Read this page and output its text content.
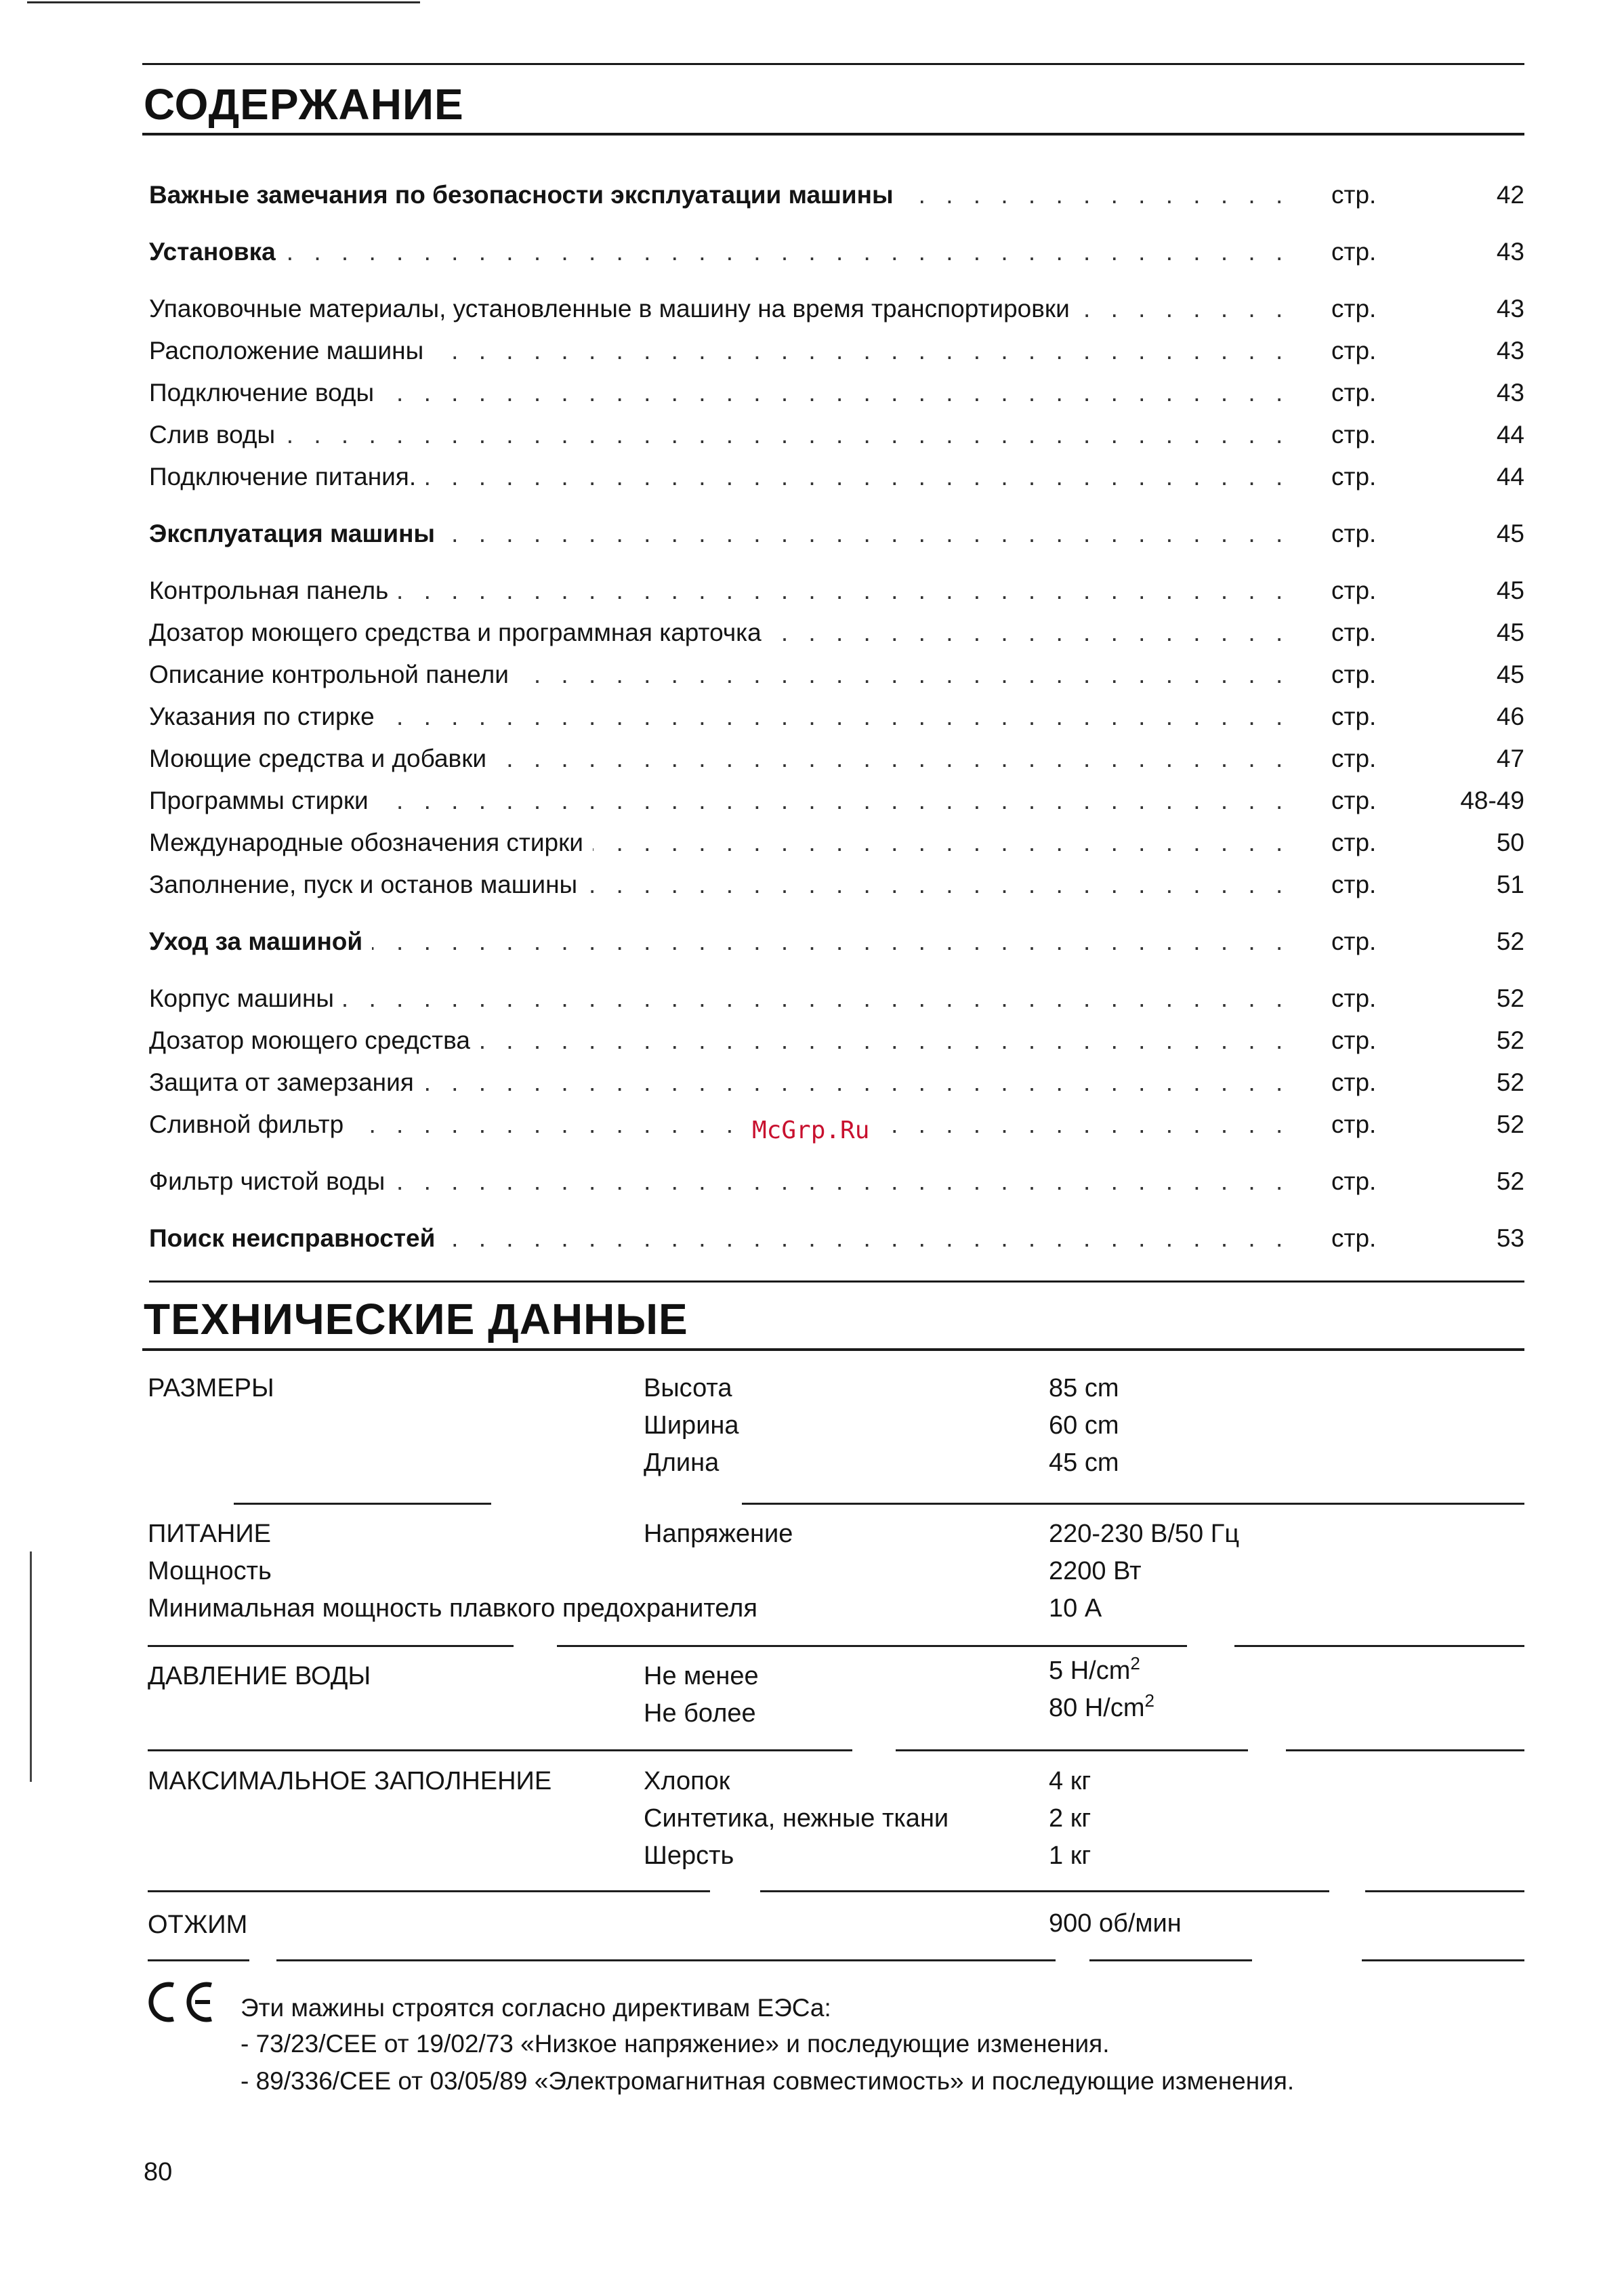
СОДЕРЖАНИЕ
. . .
Важные замечания по безопасности эксплуатации машины	стр.	42
. . .
Установка	стр.	43
. . .
Упаковочные материалы, установленные в машину на время транспортировки	стр.	43
. . .
Расположение машины	стр.	43
. . .
Подключение воды	стр.	43
. . .
Слив воды	стр.	44
. . .
Подключение питания.	стр.	44
. . .
Эксплуатация машины	стр.	45
. . .
Контрольная панель	стр.	45
. . .
Дозатор моющего средства и программная карточка	стр.	45
. . .
Описание контрольной панели	стр.	45
. . .
Указания по стирке	стр.	46
. . .
Моющие средства и добавки	стр.	47
. . .
Программы стирки	стр.	48-49
. . .
Международные обозначения стирки	стр.	50
. . .
Заполнение, пуск и останов машины	стр.	51
. . .
Уход за машиной	стр.	52
. . .
Корпус машины	стр.	52
. . .
Дозатор моющего средства	стр.	52
. . .
Защита от замерзания	стр.	52
. . .
Сливной фильтр	стр.	52
. . .
Фильтр чистой воды	стр.	52
. . .
Поиск неисправностей	стр.	53
McGrp.Ru
ТЕХНИЧЕСКИЕ ДАННЫЕ
РАЗМЕРЫ	Высота	85 cm
Ширина	60 cm
Длина	45 cm
ПИТАНИЕ	Напряжение	220-230 В/50 Гц
Мощность	2200 Вт
Минимальная мощность плавкого предохранителя	10 А
ДАВЛЕНИЕ ВОДЫ	Не менее	5 $Н/cm^2$
Не более	80 $Н/cm^2$
МАКСИМАЛЬНОЕ ЗАПОЛНЕНИЕ	Хлопок	4 кг
Синтетика, нежные ткани	2 кг
Шерсть	1 кг
ОТЖИМ	900 об/мин
Эти мажины строятся согласно директивам ЕЭСа:
- 73/23/CEE от 19/02/73 «Низкое напряжение» и последующие изменения.
- 89/336/CEE от 03/05/89 «Электромагнитная совместимость» и последующие изменения.
80
